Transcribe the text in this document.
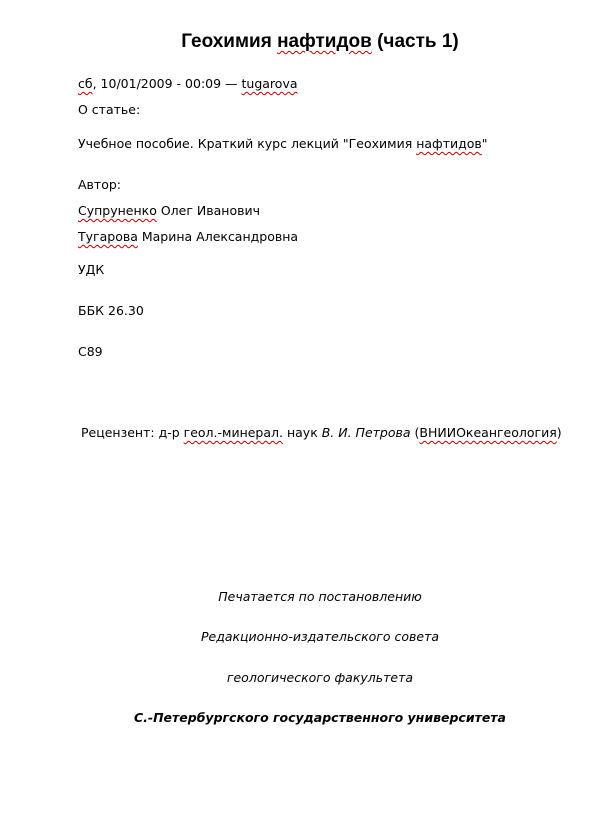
Геохимия нафтидов (часть 1)
сб, 10/01/2009 - 00:09 — tugarova
О статье:
Учебное пособие. Краткий курс лекций "Геохимия нафтидов"
Автор:
Супруненко Олег Иванович
Тугарова Марина Александровна
УДК
ББК 26.30
С89
Рецензент: д-р геол.-минерал. наук В. И. Петрова (ВНИИОкеангеология)
Печатается по постановлению
Редакционно-издательского совета
геологического факультета
С.-Петербургского государственного университета
